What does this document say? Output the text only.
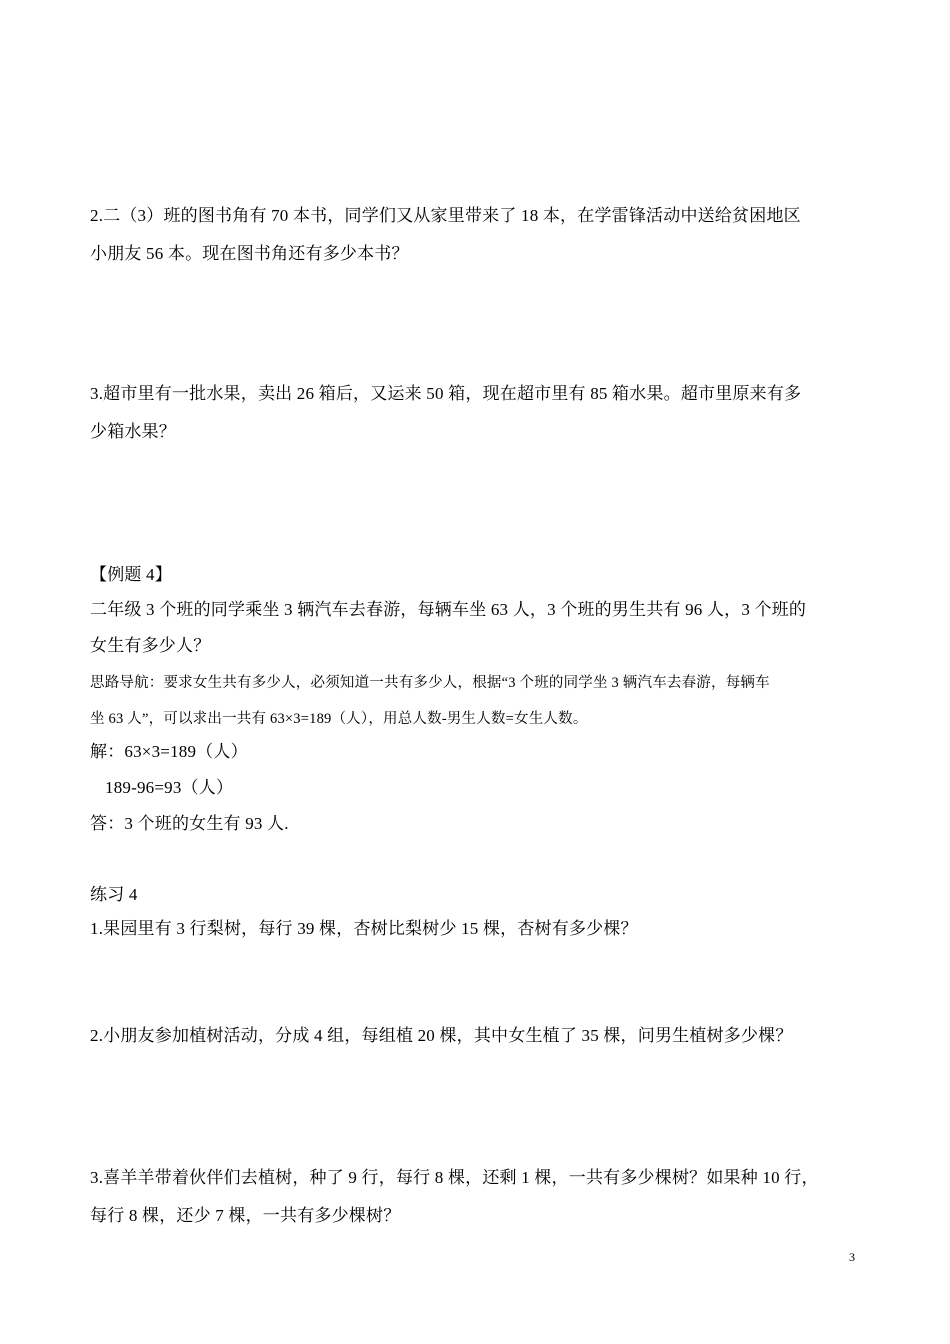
2.二（3）班的图书角有 70 本书，同学们又从家里带来了 18 本，在学雷锋活动中送给贫困地区
小朋友 56 本。现在图书角还有多少本书？
3.超市里有一批水果，卖出 26 箱后，又运来 50 箱，现在超市里有 85 箱水果。超市里原来有多
少箱水果？
【例题 4】
二年级 3 个班的同学乘坐 3 辆汽车去春游，每辆车坐 63 人，3 个班的男生共有 96 人，3 个班的
女生有多少人？
思路导航：要求女生共有多少人，必须知道一共有多少人，根据“3 个班的同学坐 3 辆汽车去春游，每辆车
坐 63 人”，可以求出一共有 63×3=189（人），用总人数-男生人数=女生人数。
解：63×3=189（人）
189-96=93（人）
答：3 个班的女生有 93 人.
练习 4
1.果园里有 3 行梨树，每行 39 棵，杏树比梨树少 15 棵，杏树有多少棵？
2.小朋友参加植树活动，分成 4 组，每组植 20 棵，其中女生植了 35 棵，问男生植树多少棵？
3.喜羊羊带着伙伴们去植树，种了 9 行，每行 8 棵，还剩 1 棵，一共有多少棵树？如果种 10 行，
每行 8 棵，还少 7 棵，一共有多少棵树？
3
